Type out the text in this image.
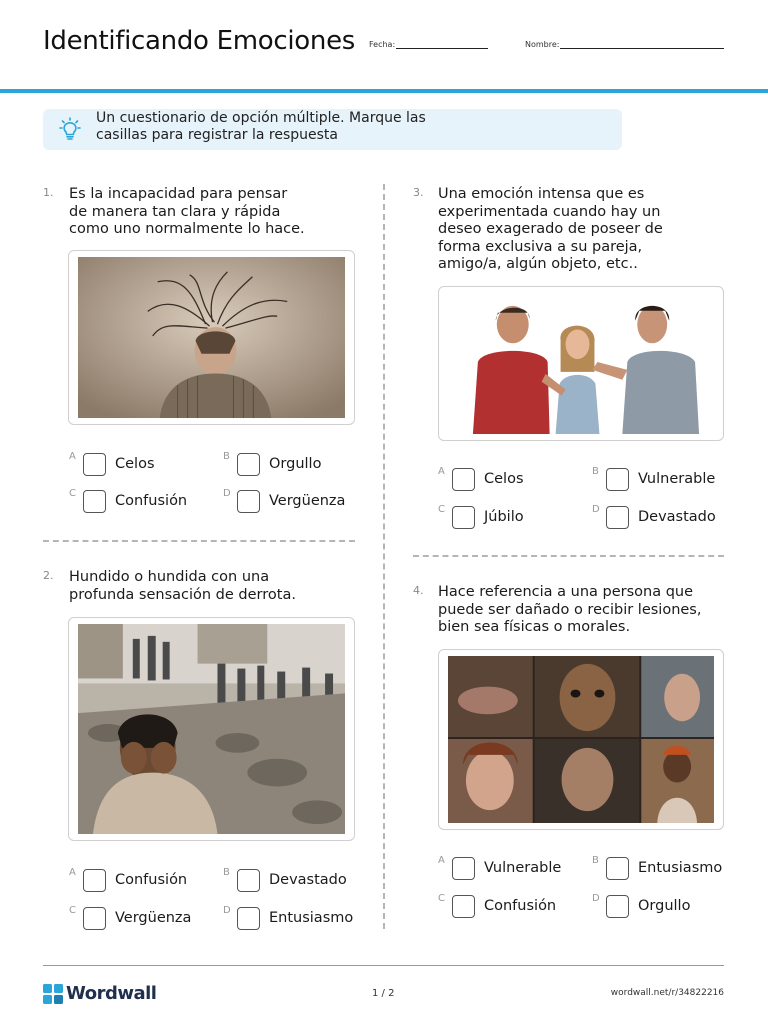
Identificando Emociones Fecha:	Nombre:
Un cuestionario de opción múltiple. Marque las casillas para registrar la respuesta
1. Es la incapacidad para pensar de manera tan clara y rápida como uno normalmente lo hace.
A	Celos	B	Orgullo
C	Confusión	D	Vergüenza
2. Hundido o hundida con una profunda sensación de derrota.
A	Confusión	B	Devastado
C	Vergüenza	D	Entusiasmo
3. Una emoción intensa que es experimentada cuando hay un deseo exagerado de poseer de forma exclusiva a su pareja, amigo/a, algún objeto, etc..
A	Celos	B	Vulnerable
C	Júbilo	D	Devastado
4. Hace referencia a una persona que puede ser dañado o recibir lesiones, bien sea físicas o morales.
A	Vulnerable	B	Entusiasmo
C	Confusión	D	Orgullo
Wordwall	1 / 2	wordwall.net/r/34822216
